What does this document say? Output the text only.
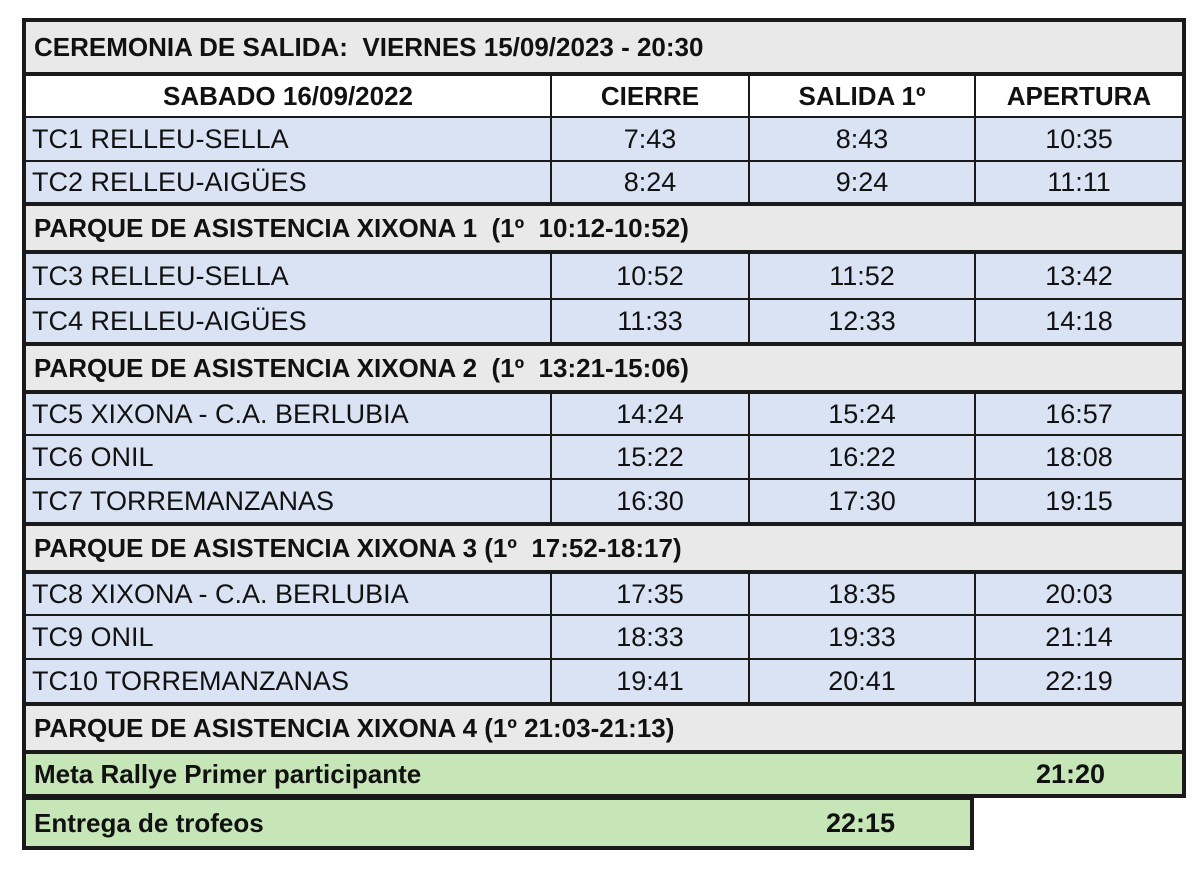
CEREMONIA DE SALIDA:  VIERNES 15/09/2023 - 20:30
SABADO 16/09/2022	CIERRE	SALIDA 1º	APERTURA
TC1 RELLEU-SELLA	7:43	8:43	10:35
TC2 RELLEU-AIGÜES	8:24	9:24	11:11
PARQUE DE ASISTENCIA XIXONA 1  (1º  10:12-10:52)
TC3 RELLEU-SELLA	10:52	11:52	13:42
TC4 RELLEU-AIGÜES	11:33	12:33	14:18
PARQUE DE ASISTENCIA XIXONA 2  (1º  13:21-15:06)
TC5 XIXONA - C.A. BERLUBIA	14:24	15:24	16:57
TC6 ONIL	15:22	16:22	18:08
TC7 TORREMANZANAS	16:30	17:30	19:15
PARQUE DE ASISTENCIA XIXONA 3 (1º  17:52-18:17)
TC8 XIXONA - C.A. BERLUBIA	17:35	18:35	20:03
TC9 ONIL	18:33	19:33	21:14
TC10 TORREMANZANAS	19:41	20:41	22:19
PARQUE DE ASISTENCIA XIXONA 4 (1º 21:03-21:13)
Meta Rallye Primer participante	21:20
Entrega de trofeos	22:15
